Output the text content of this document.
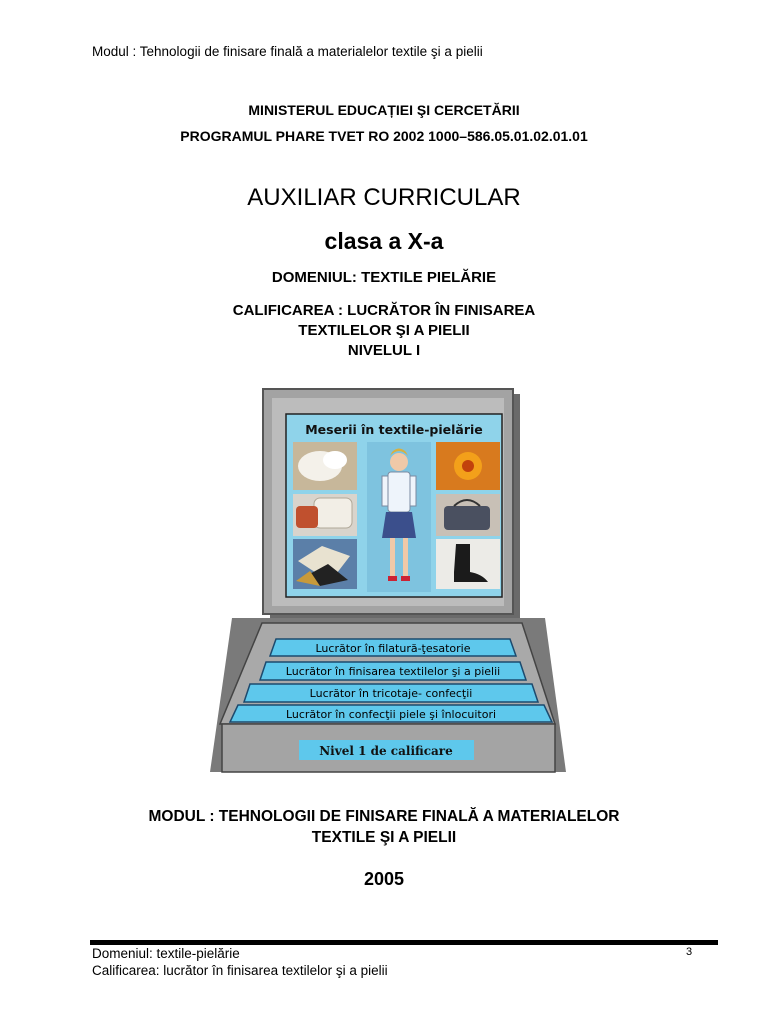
Modul : Tehnologii de finisare finală a materialelor textile şi a pielii
MINISTERUL EDUCAȚIEI ŞI CERCETĂRII
PROGRAMUL PHARE TVET RO 2002 1000–586.05.01.02.01.01
AUXILIAR CURRICULAR
clasa a X-a
DOMENIUL: TEXTILE PIELĂRIE
CALIFICAREA : LUCRĂTOR ÎN FINISAREA
TEXTILELOR ŞI A PIELII
NIVELUL I
Meserii în textile-pielărie
Lucrător în filatură-ţesatorie
Lucrător în finisarea textilelor şi a pielii
Lucrător în tricotaje- confecţii
Lucrător în confecţii piele şi înlocuitori
Nivel 1 de calificare
MODUL : TEHNOLOGII DE FINISARE FINALĂ A MATERIALELOR
TEXTILE ŞI A PIELII
2005
Domeniul: textile-pielărie
Calificarea: lucrător în finisarea textilelor şi a pielii
3
